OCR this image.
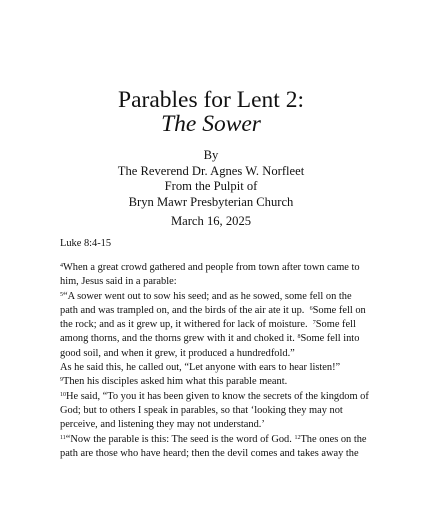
Parables for Lent 2:
The Sower
By
The Reverend Dr. Agnes W. Norfleet
From the Pulpit of
Bryn Mawr Presbyterian Church
March 16, 2025
Luke 8:4-15
$^4$When a great crowd gathered and people from town after town came to
him, Jesus said in a parable:
$^5$“A sower went out to sow his seed; and as he sowed, some fell on the
path and was trampled on, and the birds of the air ate it up. $^6$Some fell on
the rock; and as it grew up, it withered for lack of moisture. $^7$Some fell
among thorns, and the thorns grew with it and choked it. $^8$Some fell into
good soil, and when it grew, it produced a hundredfold.”
As he said this, he called out, “Let anyone with ears to hear listen!”
$^9$Then his disciples asked him what this parable meant.
$^{10}$He said, “To you it has been given to know the secrets of the kingdom of
God; but to others I speak in parables, so that ‘looking they may not
perceive, and listening they may not understand.’
$^{11}$“Now the parable is this: The seed is the word of God. $^{12}$The ones on the
path are those who have heard; then the devil comes and takes away the
